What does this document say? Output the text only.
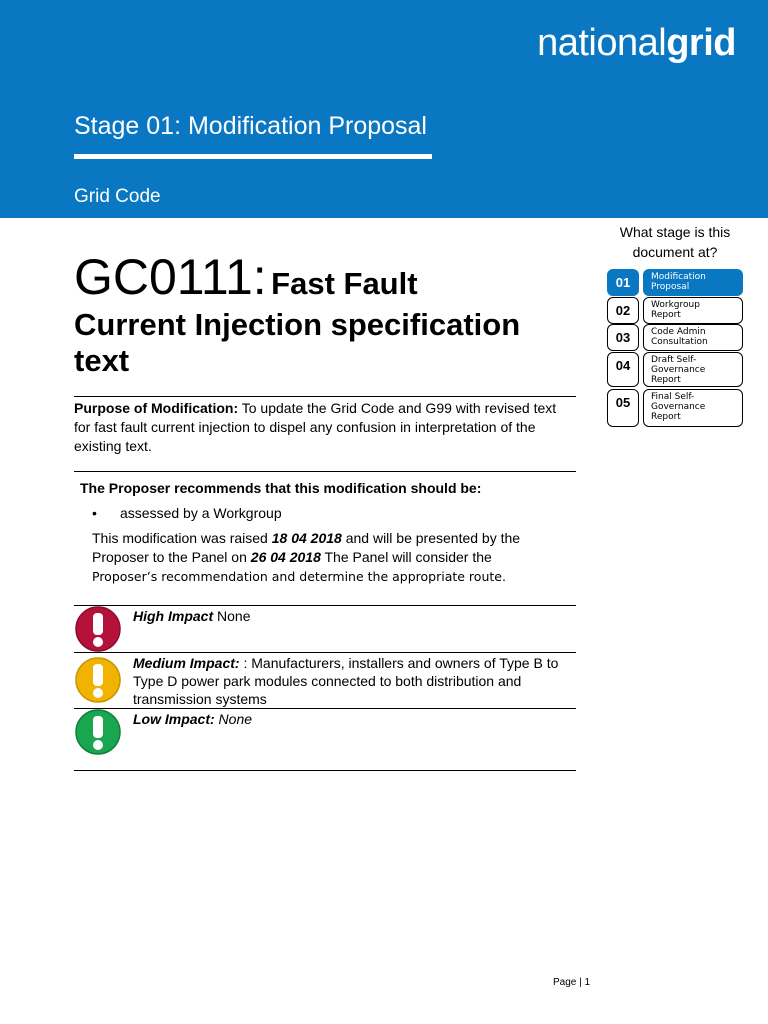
nationalgrid
Stage 01: Modification Proposal
Grid Code
GC0111: Fast Fault
Current Injection specification text
Purpose of Modification: To update the Grid Code and G99 with revised text for fast fault current injection to dispel any confusion in interpretation of the existing text.
The Proposer recommends that this modification should be:
• assessed by a Workgroup
This modification was raised 18 04 2018 and will be presented by the Proposer to the Panel on 26 04 2018 The Panel will consider the
Proposer’s recommendation and determine the appropriate route.
High Impact None
Medium Impact: : Manufacturers, installers and owners of Type B to Type D power park modules connected to both distribution and transmission systems
Low Impact: None
What stage is this document at?
01	Modification
Proposal
02	Workgroup
Report
03	Code Admin
Consultation
04	Draft Self-
Governance
Report
05	Final Self-
Governance
Report
Page | 1
